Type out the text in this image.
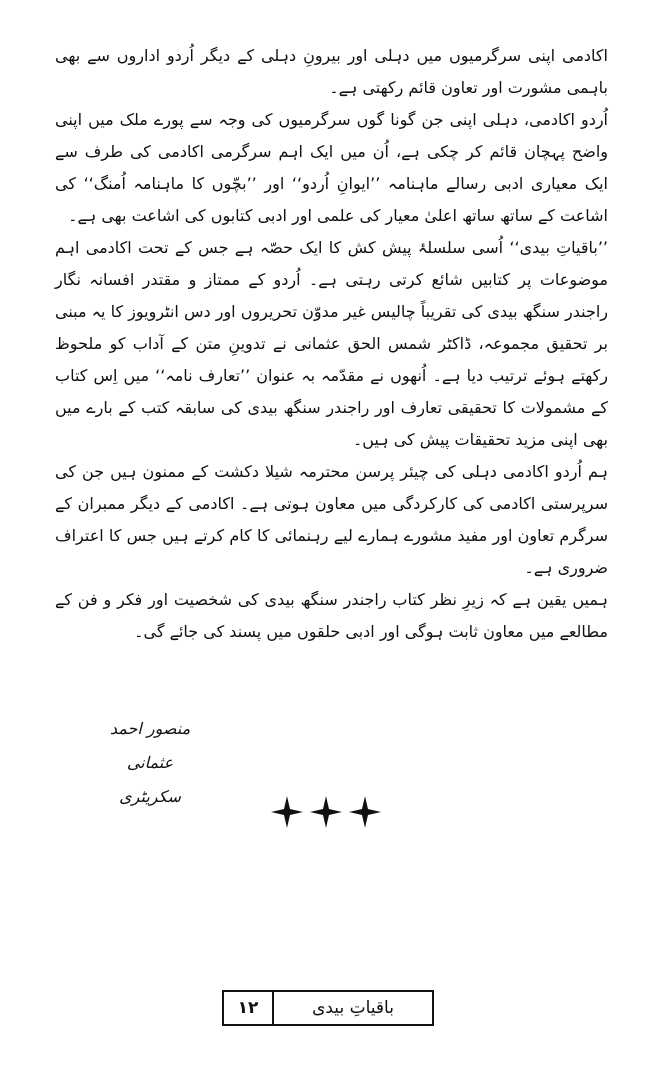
اکادمی اپنی سرگرمیوں میں دہلی اور بیرونِ دہلی کے دیگر اُردو اداروں سے بھی باہمی مشورت اور تعاون قائم رکھتی ہے۔

اُردو اکادمی، دہلی اپنی جن گونا گوں سرگرمیوں کی وجہ سے پورے ملک میں اپنی واضح پہچان قائم کر چکی ہے، اُن میں ایک اہم سرگرمی اکادمی کی طرف سے ایک معیاری ادبی رسالے ماہنامہ ’’ایوانِ اُردو‘‘ اور ’’بچّوں کا ماہنامہ اُمنگ‘‘ کی اشاعت کے ساتھ ساتھ اعلیٰ معیار کی علمی اور ادبی کتابوں کی اشاعت بھی ہے۔

’’باقیاتِ بیدی‘‘ اُسی سلسلۂ پیش کش کا ایک حصّہ ہے جس کے تحت اکادمی اہم موضوعات پر کتابیں شائع کرتی رہتی ہے۔ اُردو کے ممتاز و مقتدر افسانہ نگار راجندر سنگھ بیدی کی تقریباً چالیس غیر مدوّن تحریروں اور دس انٹرویوز کا یہ مبنی بر تحقیق مجموعہ، ڈاکٹر شمس الحق عثمانی نے تدوینِ متن کے آداب کو ملحوظ رکھتے ہوئے ترتیب دیا ہے۔ اُنھوں نے مقدّمہ بہ عنوان ’’تعارف نامہ‘‘ میں اِس کتاب کے مشمولات کا تحقیقی تعارف اور راجندر سنگھ بیدی کی سابقہ کتب کے بارے میں بھی اپنی مزید تحقیقات پیش کی ہیں۔

ہم اُردو اکادمی دہلی کی چیئر پرسن محترمہ شیلا دکشت کے ممنون ہیں جن کی سرپرستی اکادمی کی کارکردگی میں معاون ہوتی ہے۔ اکادمی کے دیگر ممبران کے سرگرم تعاون اور مفید مشورے ہمارے لیے رہنمائی کا کام کرتے ہیں جس کا اعتراف ضروری ہے۔

ہمیں یقین ہے کہ زیرِ نظر کتاب راجندر سنگھ بیدی کی شخصیت اور فکر و فن کے مطالعے میں معاون ثابت ہوگی اور ادبی حلقوں میں پسند کی جائے گی۔

منصور احمد عثمانی
سکریٹری
۱۲	باقیاتِ بیدی
